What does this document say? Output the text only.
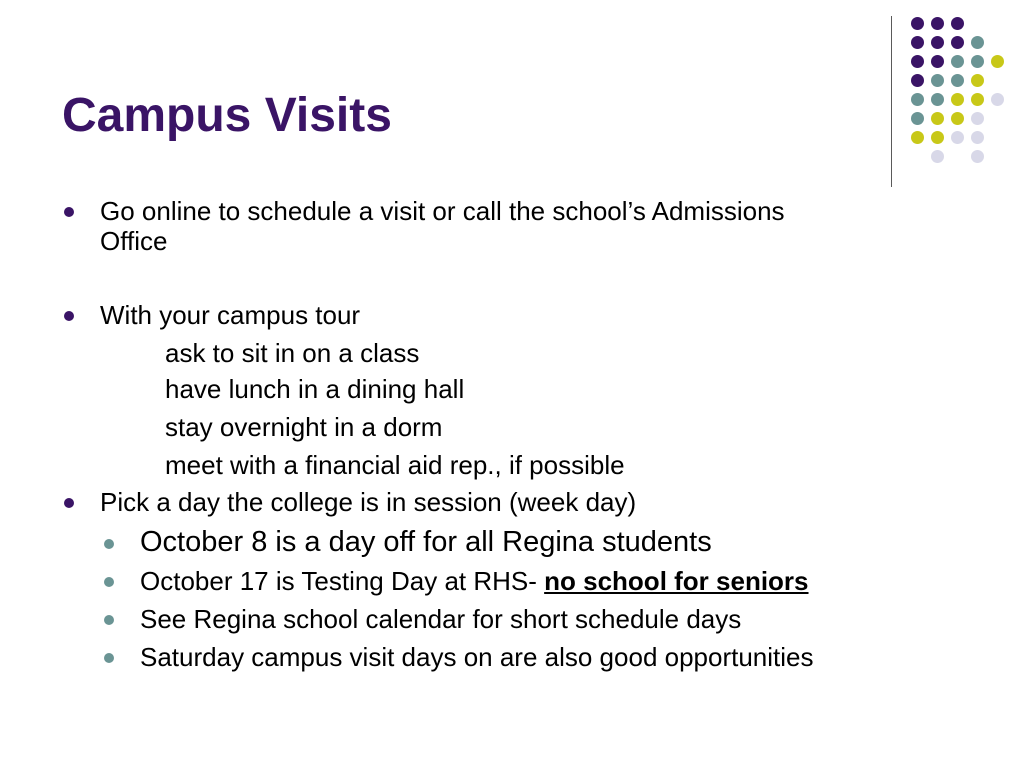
Campus Visits
Go online to schedule a visit or call the school’s Admissions
Office
With your campus tour
ask to sit in on a class
have lunch in a dining hall
stay overnight in a dorm
meet with a financial aid rep., if possible
Pick a day the college is in session (week day)
October 8 is a day off for all Regina students
October 17 is Testing Day at RHS- no school for seniors
See Regina school calendar for short schedule days
Saturday campus visit days on are also good opportunities
